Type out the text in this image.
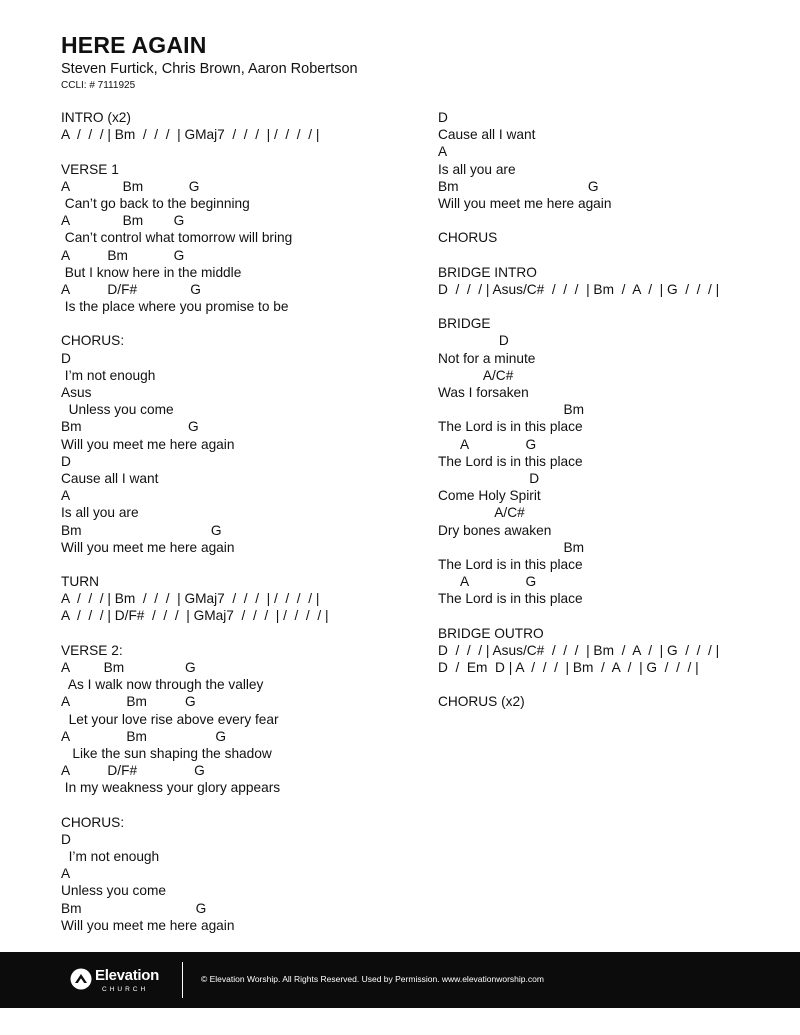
HERE AGAIN
Steven Furtick, Chris Brown, Aaron Robertson
CCLI: # 7111925
INTRO (x2)
A  /  /  / | Bm  /  /  /  | GMaj7  /  /  /  | /  /  /  / |
VERSE 1
A              Bm            G
Can’t go back to the beginning
A              Bm        G
Can’t control what tomorrow will bring
A          Bm            G
But I know here in the middle
A          D/F#              G
Is the place where you promise to be
CHORUS:
D
I’m not enough
Asus
Unless you come
Bm                            G
Will you meet me here again
D
Cause all I want
A
Is all you are
Bm                                  G
Will you meet me here again
TURN
A  /  /  / | Bm  /  /  /  | GMaj7  /  /  /  | /  /  /  / |
A  /  /  / | D/F#  /  /  /  | GMaj7  /  /  /  | /  /  /  / |
VERSE 2:
A         Bm                G
As I walk now through the valley
A               Bm          G
Let your love rise above every fear
A               Bm                  G
Like the sun shaping the shadow
A          D/F#               G
In my weakness your glory appears
CHORUS:
D
I’m not enough
A
Unless you come
Bm                              G
Will you meet me here again
D
Cause all I want
A
Is all you are
Bm                                  G
Will you meet me here again
CHORUS
BRIDGE INTRO
D  /  /  / | Asus/C#  /  /  /  | Bm  /  A  /  | G  /  /  / |
BRIDGE
D
Not for a minute
A/C#
Was I forsaken
Bm
The Lord is in this place
A               G
The Lord is in this place
D
Come Holy Spirit
A/C#
Dry bones awaken
Bm
The Lord is in this place
A               G
The Lord is in this place
BRIDGE OUTRO
D  /  /  / | Asus/C#  /  /  /  | Bm  /  A  /  | G  /  /  / |
D  /  Em  D | A  /  /  /  | Bm  /  A  /  | G  /  /  / |
CHORUS (x2)
Elevation
CHURCH
© Elevation Worship. All Rights Reserved. Used by Permission. www.elevationworship.com
